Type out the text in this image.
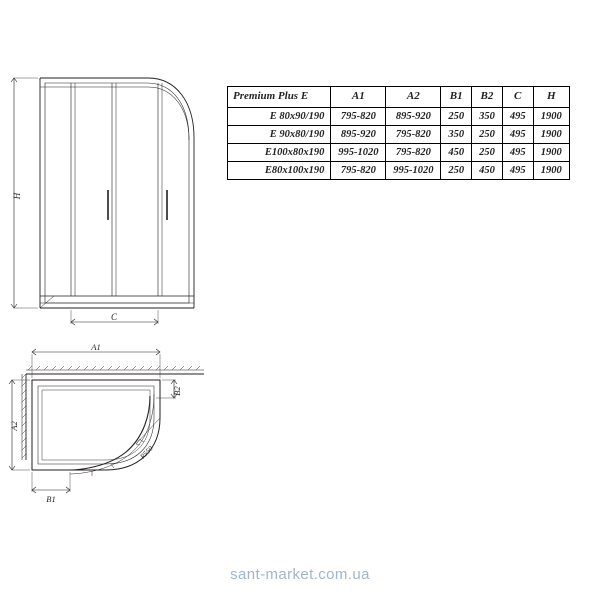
H
C
A1
A2
B1
B2
R550
Premium Plus E	A1	A2	B1	B2	C	H
E 80x90/190	795-820	895-920	250	350	495	1900
E 90x80/190	895-920	795-820	350	250	495	1900
E100x80x190	995-1020	795-820	450	250	495	1900
E80x100x190	795-820	995-1020	250	450	495	1900
sant-market.com.ua
